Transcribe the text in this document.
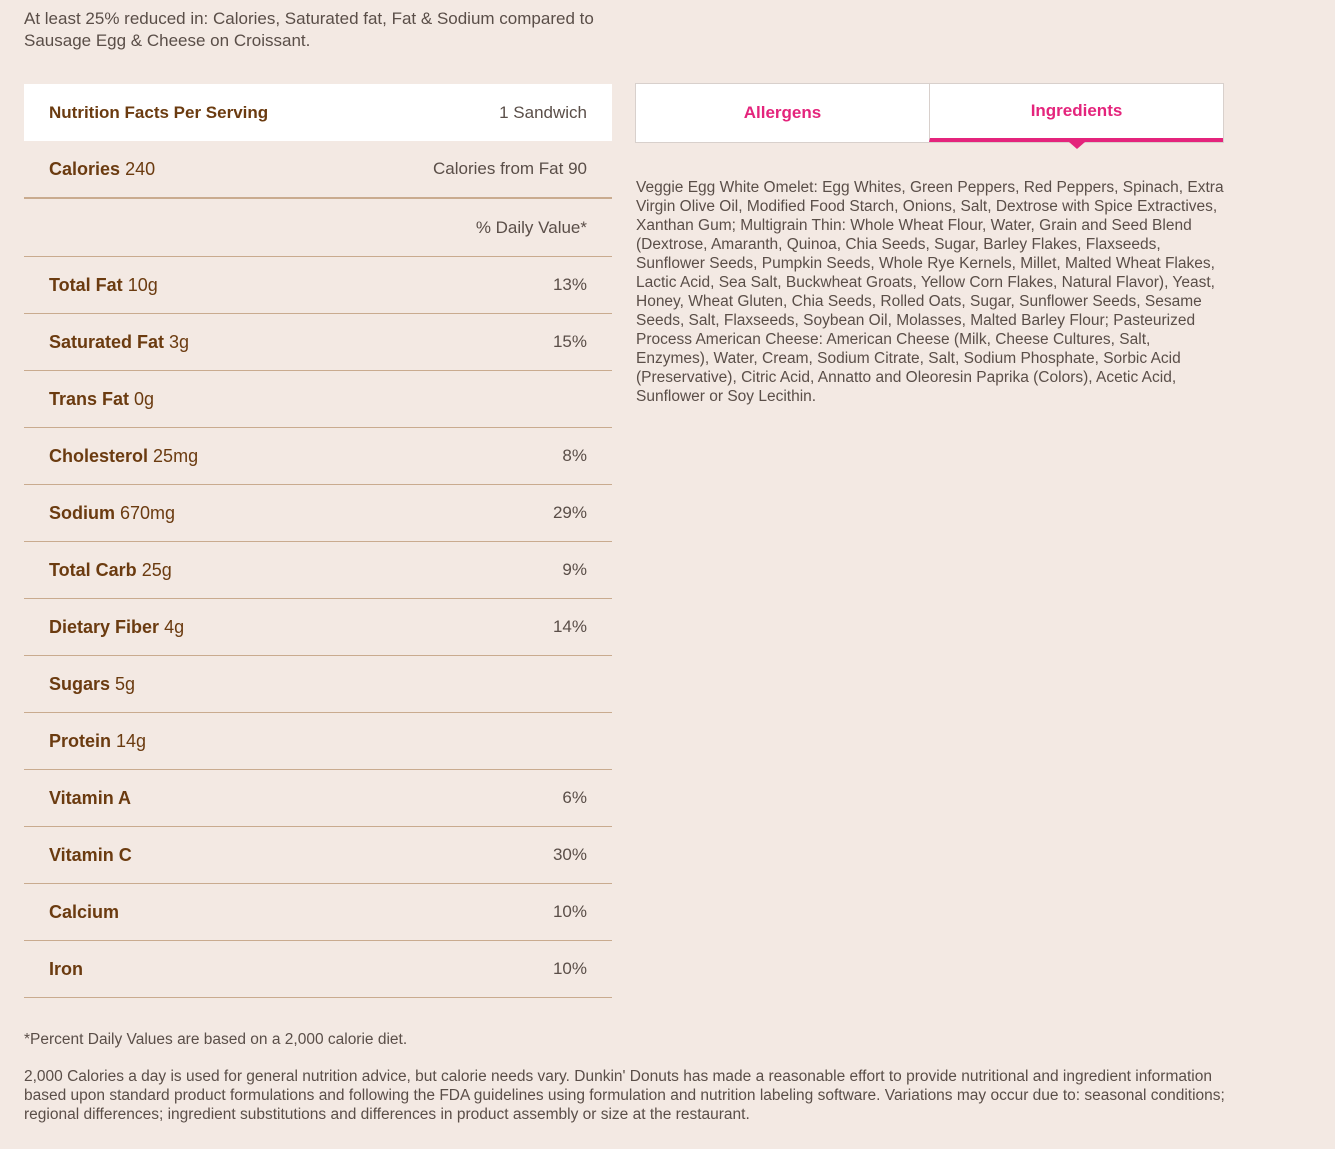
At least 25% reduced in: Calories, Saturated fat, Fat & Sodium compared to Sausage Egg & Cheese on Croissant.
Nutrition Facts Per Serving	1 Sandwich
Calories 240	Calories from Fat 90
% Daily Value*
Total Fat 10g	13%
Saturated Fat 3g	15%
Trans Fat 0g
Cholesterol 25mg	8%
Sodium 670mg	29%
Total Carb 25g	9%
Dietary Fiber 4g	14%
Sugars 5g
Protein 14g
Vitamin A	6%
Vitamin C	30%
Calcium	10%
Iron	10%
Allergens	Ingredients
Veggie Egg White Omelet: Egg Whites, Green Peppers, Red Peppers, Spinach, Extra Virgin Olive Oil, Modified Food Starch, Onions, Salt, Dextrose with Spice Extractives, Xanthan Gum; Multigrain Thin: Whole Wheat Flour, Water, Grain and Seed Blend (Dextrose, Amaranth, Quinoa, Chia Seeds, Sugar, Barley Flakes, Flaxseeds, Sunflower Seeds, Pumpkin Seeds, Whole Rye Kernels, Millet, Malted Wheat Flakes, Lactic Acid, Sea Salt, Buckwheat Groats, Yellow Corn Flakes, Natural Flavor), Yeast, Honey, Wheat Gluten, Chia Seeds, Rolled Oats, Sugar, Sunflower Seeds, Sesame Seeds, Salt, Flaxseeds, Soybean Oil, Molasses, Malted Barley Flour; Pasteurized Process American Cheese: American Cheese (Milk, Cheese Cultures, Salt, Enzymes), Water, Cream, Sodium Citrate, Salt, Sodium Phosphate, Sorbic Acid (Preservative), Citric Acid, Annatto and Oleoresin Paprika (Colors), Acetic Acid, Sunflower or Soy Lecithin.
*Percent Daily Values are based on a 2,000 calorie diet.
2,000 Calories a day is used for general nutrition advice, but calorie needs vary. Dunkin' Donuts has made a reasonable effort to provide nutritional and ingredient information based upon standard product formulations and following the FDA guidelines using formulation and nutrition labeling software. Variations may occur due to: seasonal conditions; regional differences; ingredient substitutions and differences in product assembly or size at the restaurant.
